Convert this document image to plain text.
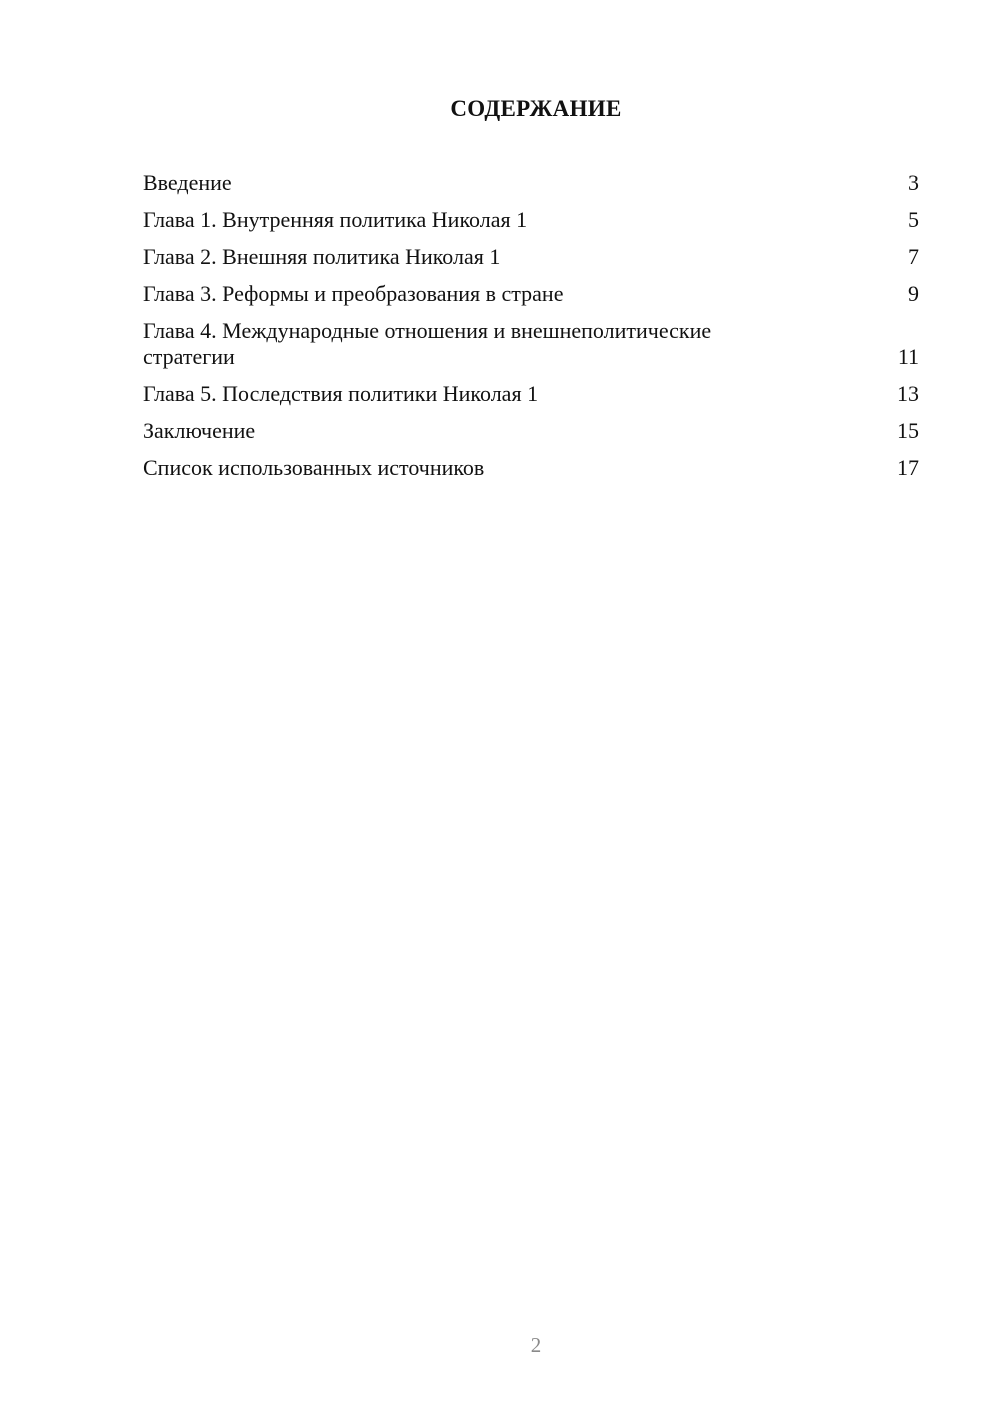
СОДЕРЖАНИЕ
Введение	3
Глава 1. Внутренняя политика Николая 1	5
Глава 2. Внешняя политика Николая 1	7
Глава 3. Реформы и преобразования в стране	9
Глава 4. Международные отношения и внешнеполитические стратегии	11
Глава 5. Последствия политики Николая 1	13
Заключение	15
Список использованных источников	17
2
